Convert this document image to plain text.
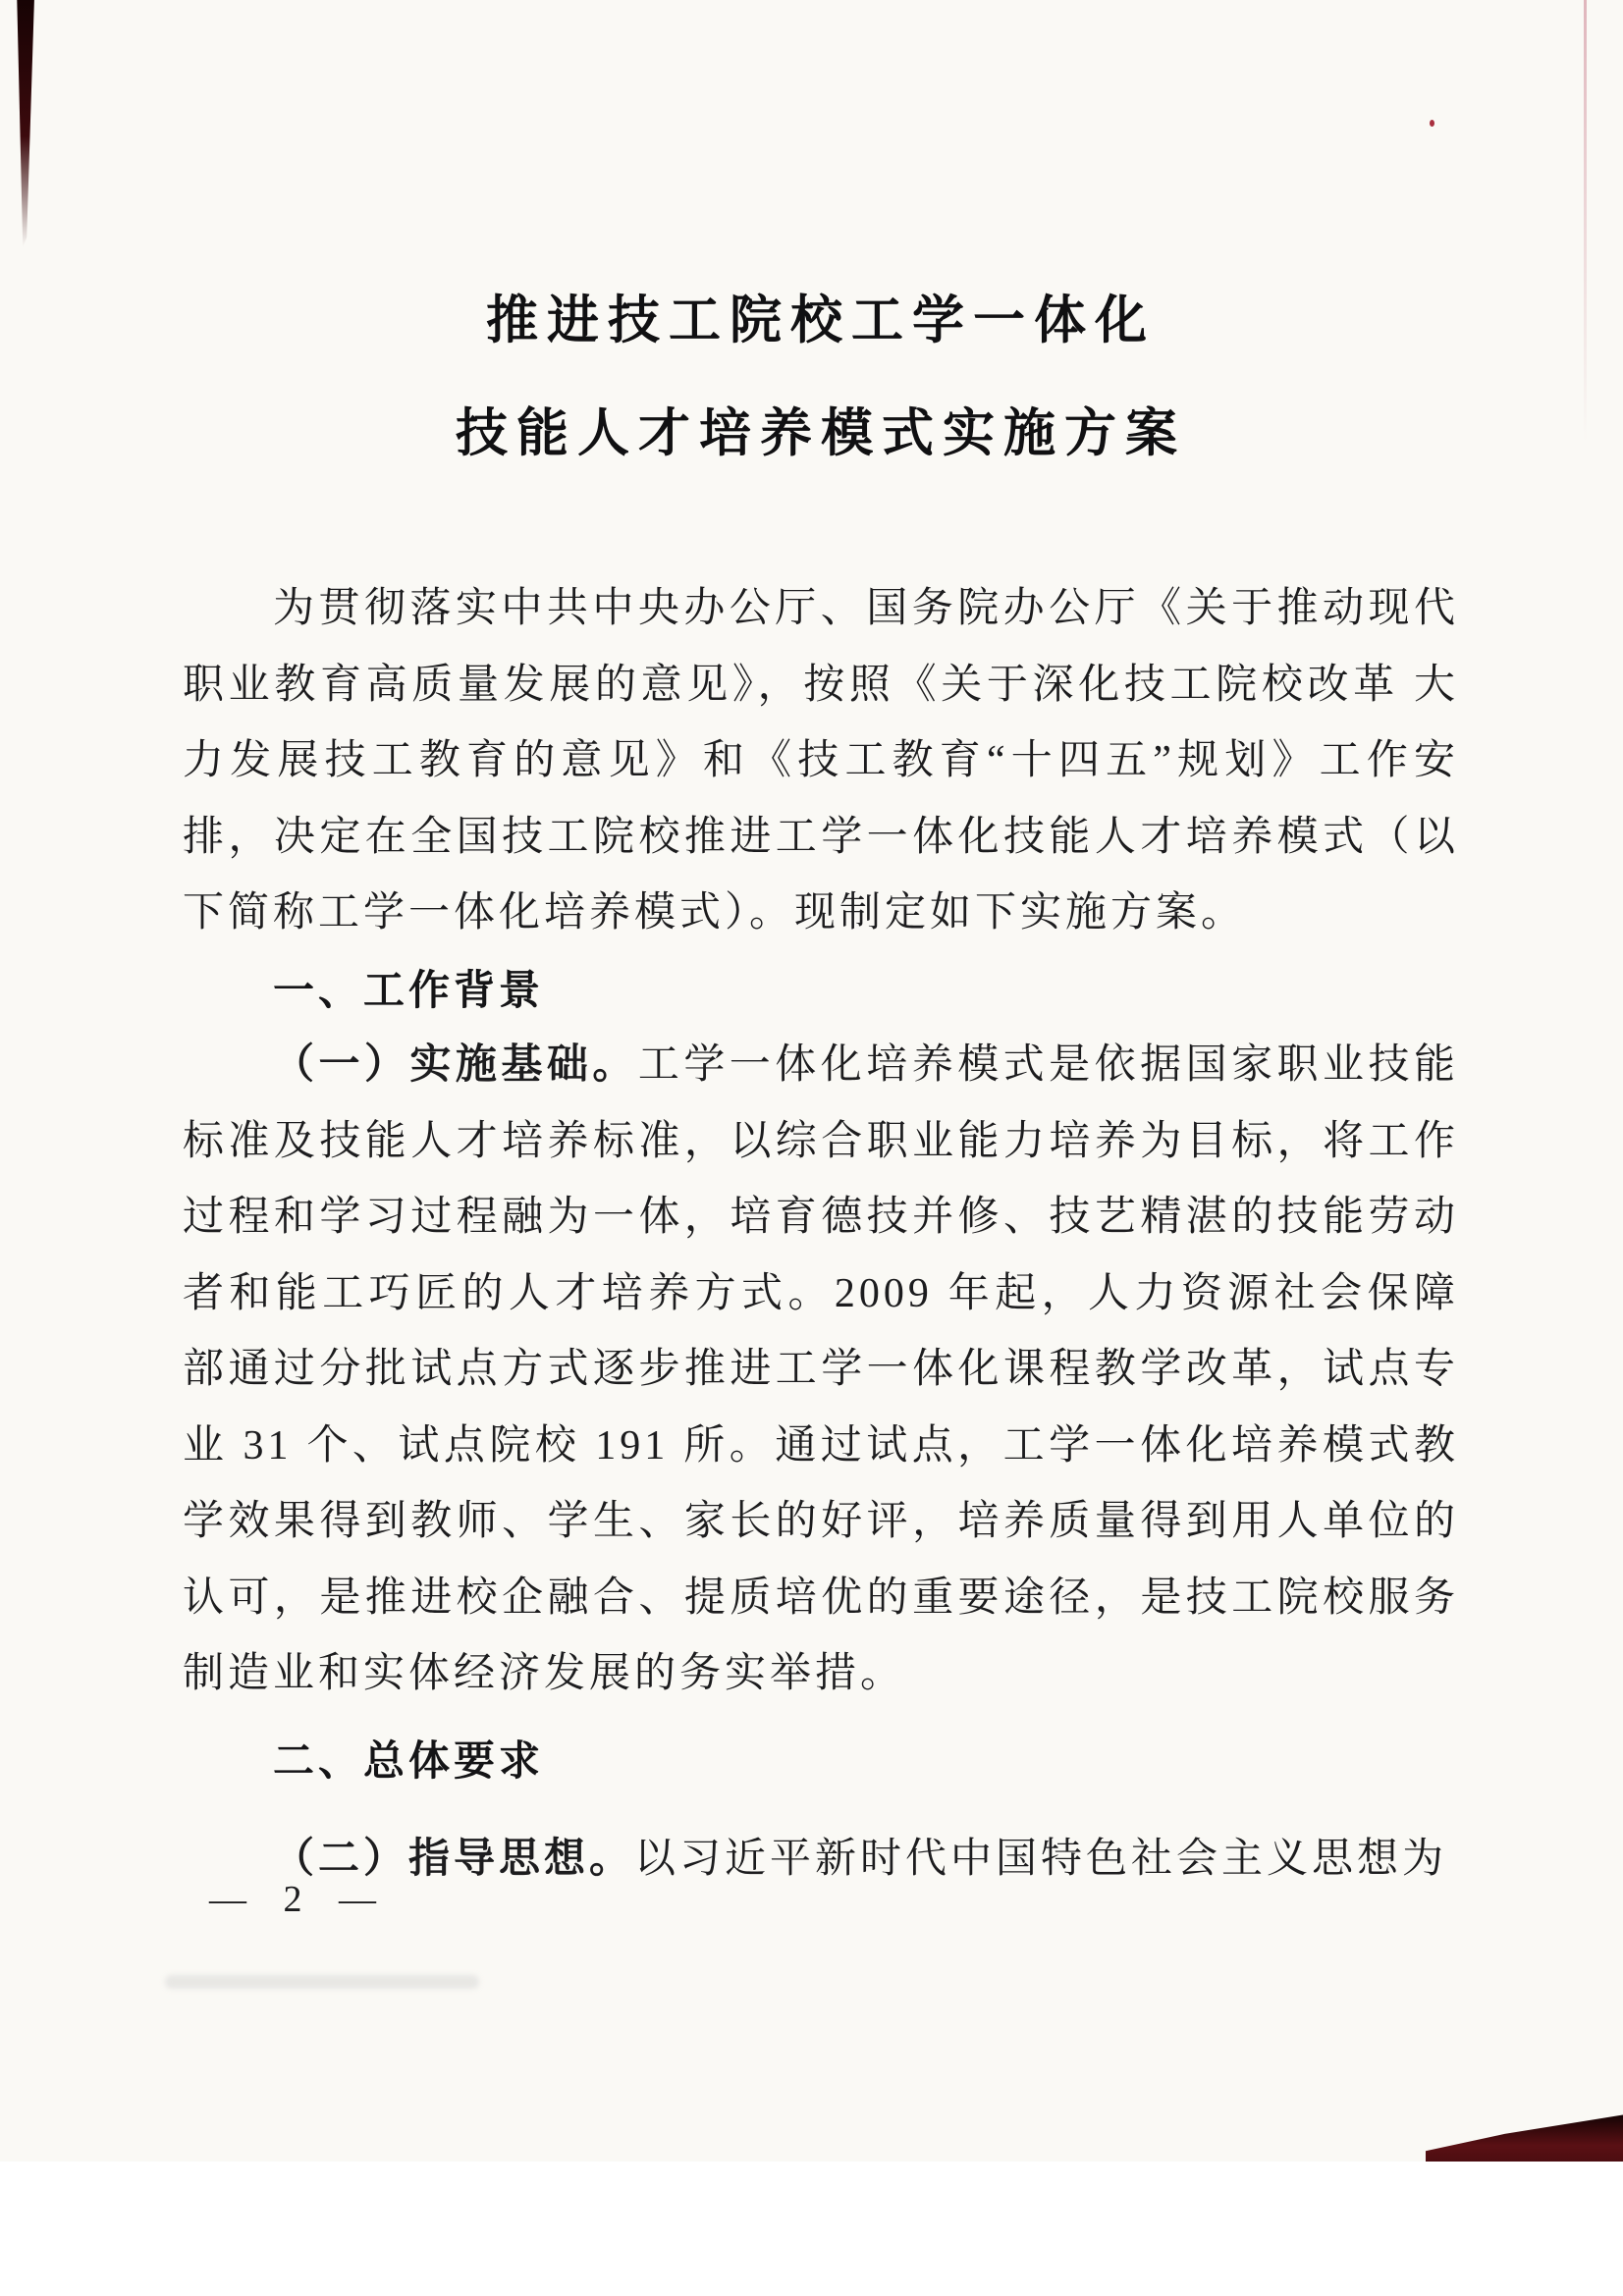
推进技工院校工学一体化
技能人才培养模式实施方案

为贯彻落实中共中央办公厅、国务院办公厅《关于推动现代职业教育高质量发展的意见》，按照《关于深化技工院校改革 大力发展技工教育的意见》和《技工教育“十四五”规划》工作安排，决定在全国技工院校推进工学一体化技能人才培养模式（以下简称工学一体化培养模式）。现制定如下实施方案。

一、工作背景

（一）实施基础。工学一体化培养模式是依据国家职业技能标准及技能人才培养标准，以综合职业能力培养为目标，将工作过程和学习过程融为一体，培育德技并修、技艺精湛的技能劳动者和能工巧匠的人才培养方式。2009 年起，人力资源社会保障部通过分批试点方式逐步推进工学一体化课程教学改革，试点专业 31 个、试点院校 191 所。通过试点，工学一体化培养模式教学效果得到教师、学生、家长的好评，培养质量得到用人单位的认可，是推进校企融合、提质培优的重要途径，是技工院校服务制造业和实体经济发展的务实举措。

二、总体要求

（二）指导思想。以习近平新时代中国特色社会主义思想为

— 2 —
